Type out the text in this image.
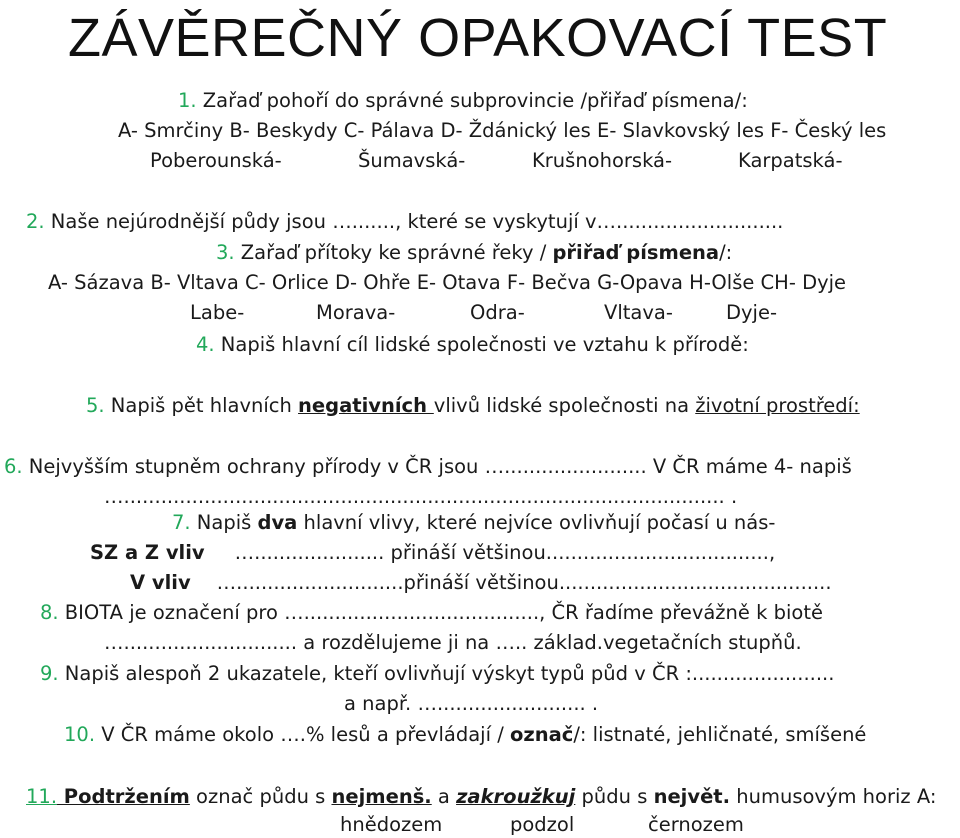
ZÁVĚREČNÝ OPAKOVACÍ TEST
1. Zařaď pohoří do správné subprovincie /přiřaď písmena/:
A- Smrčiny B- Beskydy C- Pálava D- Ždánický les E- Slavkovský les F- Český les
Poberounská-	Šumavská-	Krušnohorská-	Karpatská-
2. Naše nejúrodnější půdy jsou …......., které se vyskytují v…...........................
3. Zařaď přítoky ke správné řeky / přiřaď písmena/:
A- Sázava B- Vltava C- Orlice D- Ohře E- Otava F- Bečva G-Opava H-Olše CH- Dyje
Labe-	Morava-	Odra-	Vltava-	Dyje-
4. Napiš hlavní cíl lidské společnosti ve vztahu k přírodě:
5. Napiš pět hlavních negativních vlivů lidské společnosti na životní prostředí:
6. Nejvyšším stupněm ochrany přírody v ČR jsou …....................... V ČR máme 4- napiš
…................................................................................................. .
7. Napiš dva hlavní vlivy, které nejvíce ovlivňují počasí u nás-
SZ a Z vliv …..................... přináší většinou....................................,
V vliv …...........................přináší většinou............................................
8. BIOTA je označení pro …......................................, ČR řadíme převážně k biotě
…............................ a rozdělujeme ji na ….. základ.vegetačních stupňů.
9. Napiš alespoň 2 ukazatele, kteří ovlivňují výskyt typů půd v ČR :.......................
a např. …........................ .
10. V ČR máme okolo ….% lesů a převládají / označ/: listnaté, jehličnaté, smíšené
11. Podtržením označ půdu s nejmenš. a zakroužkuj půdu s největ. humusovým horiz A:
hnědozem	podzol	černozem
